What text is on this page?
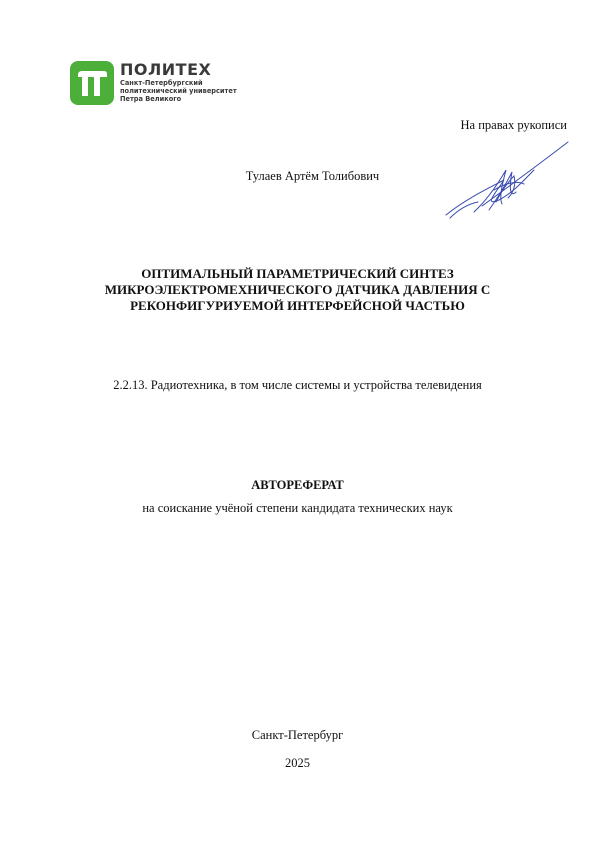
ПОЛИТЕХ
Санкт-Петербургский
политехнический университет
Петра Великого
На правах рукописи
Тулаев Артём Толибович
ОПТИМАЛЬНЫЙ ПАРАМЕТРИЧЕСКИЙ СИНТЕЗ
МИКРОЭЛЕКТРОМЕХНИЧЕСКОГО ДАТЧИКА ДАВЛЕНИЯ С
РЕКОНФИГУРИУЕМОЙ ИНТЕРФЕЙСНОЙ ЧАСТЬЮ
2.2.13. Радиотехника, в том числе системы и устройства телевидения
АВТОРЕФЕРАТ
на соискание учёной степени кандидата технических наук
Санкт-Петербург
2025
